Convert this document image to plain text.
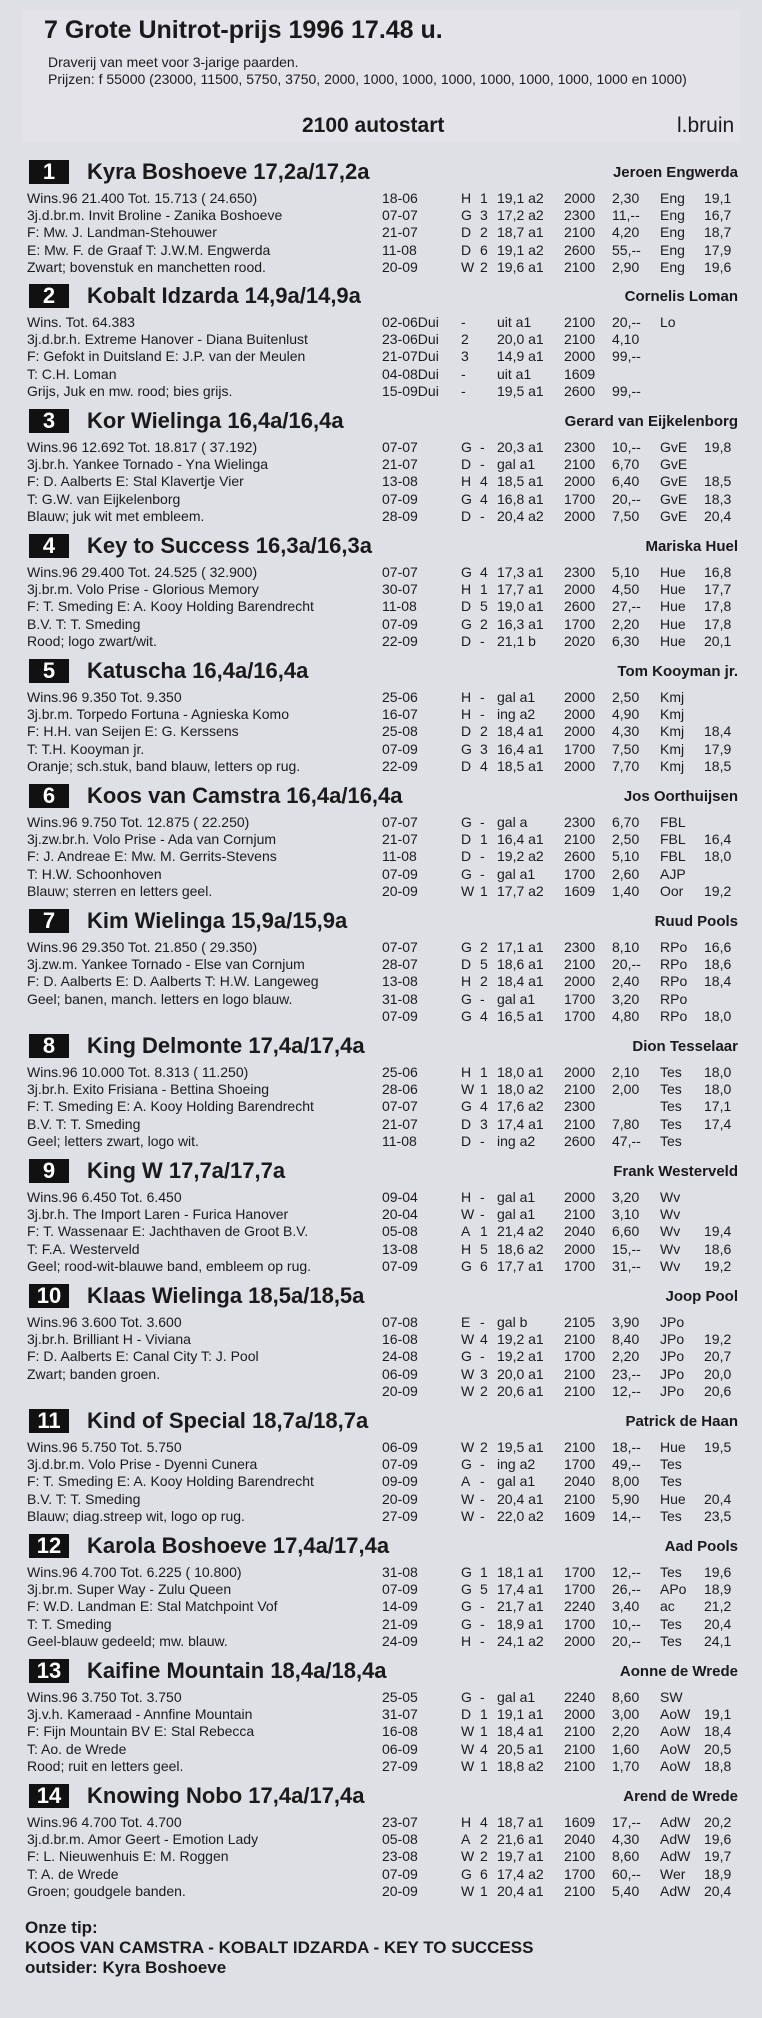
7 Grote Unitrot-prijs 1996 17.48 u.
Draverij van meet voor 3-jarige paarden.
Prijzen: f 55000 (23000, 11500, 5750, 3750, 2000, 1000, 1000, 1000, 1000, 1000, 1000, 1000 en 1000)
2100 autostart	l.bruin
1	Kyra Boshoeve 17,2a/17,2a	Jeroen Engwerda
Wins.96 21.400 Tot. 15.713 ( 24.650)
3j.d.br.m. Invit Broline - Zanika Boshoeve
F: Mw. J. Landman-Stehouwer
E: Mw. F. de Graaf T: J.W.M. Engwerda
Zwart; bovenstuk en manchetten rood.
18-06	H 1 19,1 a2 2000 2,30 Eng 19,1
07-07	G 3 17,2 a2 2300 11,-- Eng 16,7
21-07	D 2 18,7 a1 2100 4,20 Eng 18,7
11-08	D 6 19,1 a2 2600 55,-- Eng 17,9
20-09	W 2 19,6 a1 2100 2,90 Eng 19,6
2	Kobalt Idzarda 14,9a/14,9a	Cornelis Loman
Wins. Tot. 64.383
3j.d.br.h. Extreme Hanover - Diana Buitenlust
F: Gefokt in Duitsland E: J.P. van der Meulen
T: C.H. Loman
Grijs, Juk en mw. rood; bies grijs.
02-06Dui - uit a1 2100 20,-- Lo
23-06Dui 2 20,0 a1 2100 4,10
21-07Dui 3 14,9 a1 2000 99,--
04-08Dui - uit a1 1609
15-09Dui - 19,5 a1 2600 99,--
3	Kor Wielinga 16,4a/16,4a	Gerard van Eijkelenborg
Wins.96 12.692 Tot. 18.817 ( 37.192)
3j.br.h. Yankee Tornado - Yna Wielinga
F: D. Aalberts E: Stal Klavertje Vier
T: G.W. van Eijkelenborg
Blauw; juk wit met embleem.
07-07	G - 20,3 a1 2300 10,-- GvE 19,8
21-07	D - gal a1 2100 6,70 GvE
13-08	H 4 18,5 a1 2000 6,40 GvE 18,5
07-09	G 4 16,8 a1 1700 20,-- GvE 18,3
28-09	D - 20,4 a2 2000 7,50 GvE 20,4
4	Key to Success 16,3a/16,3a	Mariska Huel
Wins.96 29.400 Tot. 24.525 ( 32.900)
3j.br.m. Volo Prise - Glorious Memory
F: T. Smeding E: A. Kooy Holding Barendrecht
B.V. T: T. Smeding
Rood; logo zwart/wit.
07-07	G 4 17,3 a1 2300 5,10 Hue 16,8
30-07	H 1 17,7 a1 2000 4,50 Hue 17,7
11-08	D 5 19,0 a1 2600 27,-- Hue 17,8
07-09	G 2 16,3 a1 1700 2,20 Hue 17,8
22-09	D - 21,1 b 2020 6,30 Hue 20,1
5	Katuscha 16,4a/16,4a	Tom Kooyman jr.
Wins.96 9.350 Tot. 9.350
3j.br.m. Torpedo Fortuna - Agnieska Komo
F: H.H. van Seijen E: G. Kerssens
T: T.H. Kooyman jr.
Oranje; sch.stuk, band blauw, letters op rug.
25-06	H - gal a1 2000 2,50 Kmj
16-07	H - ing a2 2000 4,90 Kmj
25-08	D 2 18,4 a1 2000 4,30 Kmj 18,4
07-09	G 3 16,4 a1 1700 7,50 Kmj 17,9
22-09	D 4 18,5 a1 2000 7,70 Kmj 18,5
6	Koos van Camstra 16,4a/16,4a	Jos Oorthuijsen
Wins.96 9.750 Tot. 12.875 ( 22.250)
3j.zw.br.h. Volo Prise - Ada van Cornjum
F: J. Andreae E: Mw. M. Gerrits-Stevens
T: H.W. Schoonhoven
Blauw; sterren en letters geel.
07-07	G - gal a	2300 6,70 FBL
21-07	D 1 16,4 a1 2100 2,50 FBL 16,4
11-08	D - 19,2 a2 2600 5,10 FBL 18,0
07-09	G - gal a1 1700 2,60 AJP
20-09	W 1 17,7 a2 1609 1,40 Oor 19,2
7	Kim Wielinga 15,9a/15,9a	Ruud Pools
Wins.96 29.350 Tot. 21.850 ( 29.350)
3j.zw.m. Yankee Tornado - Else van Cornjum
F: D. Aalberts E: D. Aalberts T: H.W. Langeweg
Geel; banen, manch. letters en logo blauw.
07-07	G 2 17,1 a1 2300 8,10 RPo 16,6
28-07	D 5 18,6 a1 2100 20,-- RPo 18,6
13-08	H 2 18,4 a1 2000 2,40 RPo 18,4
31-08	G - gal a1 1700 3,20 RPo
07-09	G 4 16,5 a1 1700 4,80 RPo 18,0
8	King Delmonte 17,4a/17,4a	Dion Tesselaar
Wins.96 10.000 Tot. 8.313 ( 11.250)
3j.br.h. Exito Frisiana - Bettina Shoeing
F: T. Smeding E: A. Kooy Holding Barendrecht
B.V. T: T. Smeding
Geel; letters zwart, logo wit.
25-06	H 1 18,0 a1 2000 2,10 Tes 18,0
28-06	W 1 18,0 a2 2100 2,00 Tes 18,0
07-07	G 4 17,6 a2 2300	Tes 17,1
21-07	D 3 17,4 a1 2100 7,80 Tes 17,4
11-08	D - ing a2 2600 47,-- Tes
9	King W 17,7a/17,7a	Frank Westerveld
Wins.96 6.450 Tot. 6.450
3j.br.h. The Import Laren - Furica Hanover
F: T. Wassenaar E: Jachthaven de Groot B.V.
T: F.A. Westerveld
Geel; rood-wit-blauwe band, embleem op rug.
09-04	H - gal a1 2000 3,20 Wv
20-04	W - gal a1 2100 3,10 Wv
05-08	A 1 21,4 a2 2040 6,60 Wv 19,4
13-08	H 5 18,6 a2 2000 15,-- Wv 18,6
07-09	G 6 17,7 a1 1700 31,-- Wv 19,2
10	Klaas Wielinga 18,5a/18,5a	Joop Pool
Wins.96 3.600 Tot. 3.600
3j.br.h. Brilliant H - Viviana
F: D. Aalberts E: Canal City T: J. Pool
Zwart; banden groen.
07-08	E - gal b	2105 3,90 JPo
16-08	W 4 19,2 a1 2100 8,40 JPo 19,2
24-08	G - 19,2 a1 1700 2,20 JPo 20,7
06-09	W 3 20,0 a1 2100 23,-- JPo 20,0
20-09	W 2 20,6 a1 2100 12,-- JPo 20,6
11	Kind of Special 18,7a/18,7a	Patrick de Haan
Wins.96 5.750 Tot. 5.750
3j.d.br.m. Volo Prise - Dyenni Cunera
F: T. Smeding E: A. Kooy Holding Barendrecht
B.V. T: T. Smeding
Blauw; diag.streep wit, logo op rug.
06-09	W 2 19,5 a1 2100 18,-- Hue 19,5
07-09	G - ing a2 1700 49,-- Tes
09-09	A - gal a1 2040 8,00 Tes
20-09	W - 20,4 a1 2100 5,90 Hue 20,4
27-09	W - 22,0 a2 1609 14,-- Tes 23,5
12	Karola Boshoeve 17,4a/17,4a	Aad Pools
Wins.96 4.700 Tot. 6.225 ( 10.800)
3j.br.m. Super Way - Zulu Queen
F: W.D. Landman E: Stal Matchpoint Vof
T: T. Smeding
Geel-blauw gedeeld; mw. blauw.
31-08	G 1 18,1 a1 1700 12,-- Tes 19,6
07-09	G 5 17,4 a1 1700 26,-- APo 18,9
14-09	G - 21,7 a1 2240 3,40 ac 21,2
21-09	G - 18,9 a1 1700 10,-- Tes 20,4
24-09	H - 24,1 a2 2000 20,-- Tes 24,1
13	Kaifine Mountain 18,4a/18,4a	Aonne de Wrede
Wins.96 3.750 Tot. 3.750
3j.v.h. Kameraad - Annfine Mountain
F: Fijn Mountain BV E: Stal Rebecca
T: Ao. de Wrede
Rood; ruit en letters geel.
25-05	G - gal a1 2240 8,60 SW
31-07	D 1 19,1 a1 2000 3,00 AoW 19,1
16-08	W 1 18,4 a1 2100 2,20 AoW 18,4
06-09	W 4 20,5 a1 2100 1,60 AoW 20,5
27-09	W 1 18,8 a2 2100 1,70 AoW 18,8
14	Knowing Nobo 17,4a/17,4a	Arend de Wrede
Wins.96 4.700 Tot. 4.700
3j.d.br.m. Amor Geert - Emotion Lady
F: L. Nieuwenhuis E: M. Roggen
T: A. de Wrede
Groen; goudgele banden.
23-07	H 4 18,7 a1 1609 17,-- AdW 20,2
05-08	A 2 21,6 a1 2040 4,30 AdW 19,6
23-08	W 2 19,7 a1 2100 8,60 AdW 19,7
07-09	G 6 17,4 a2 1700 60,-- Wer 18,9
20-09	W 1 20,4 a1 2100 5,40 AdW 20,4
Onze tip:
KOOS VAN CAMSTRA - KOBALT IDZARDA - KEY TO SUCCESS
outsider: Kyra Boshoeve
